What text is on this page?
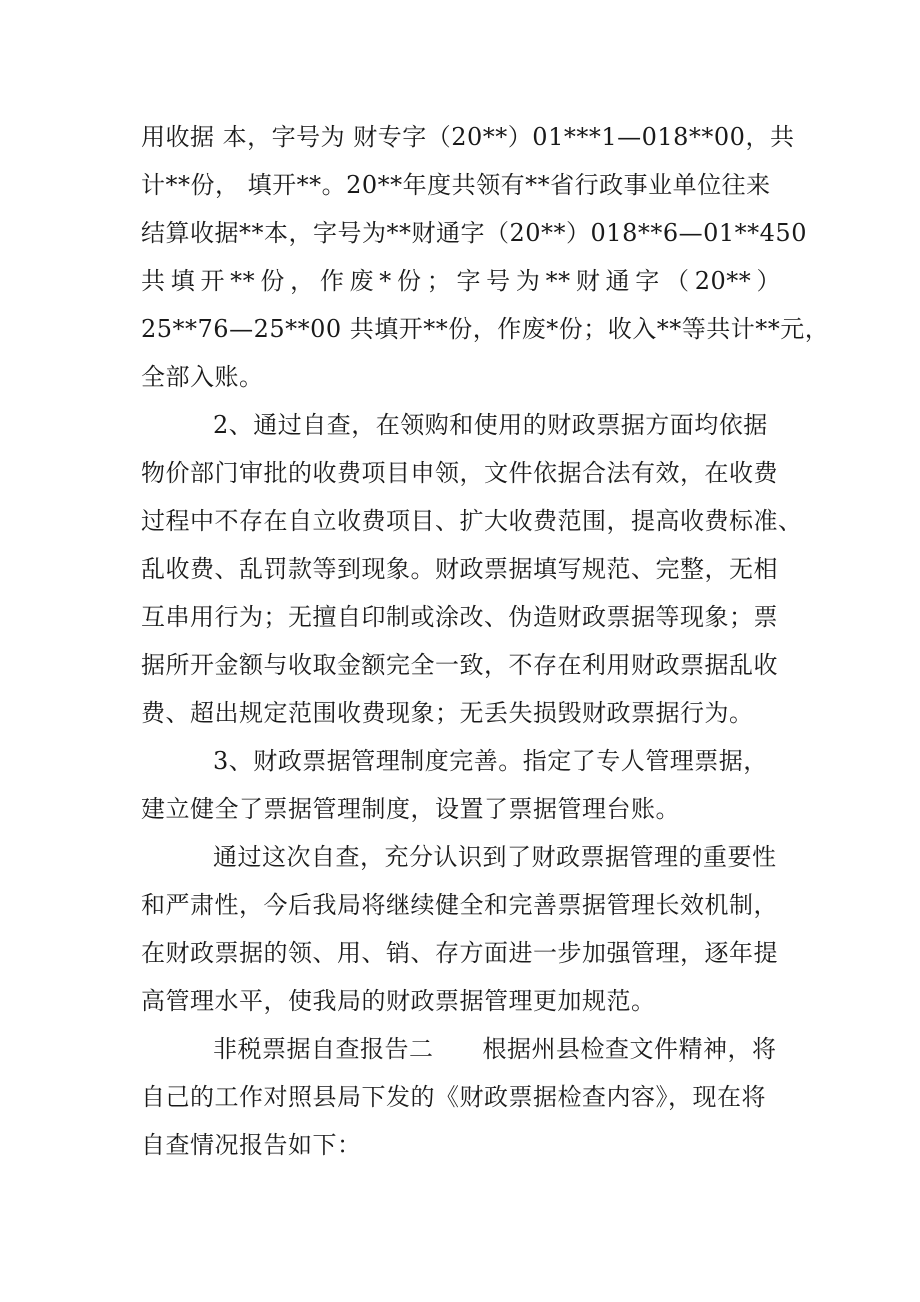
用收据 本，字号为 财专字（20**）01***1—018**00，共
计**份， 填开**。20**年度共领有**省行政事业单位往来
结算收据**本，字号为**财通字（20**）018**6—01**450
共填开**份，作废*份；字号为**财通字（20**）
25**76—25**00 共填开**份，作废*份；收入**等共计**元，
全部入账。
2、通过自查，在领购和使用的财政票据方面均依据
物价部门审批的收费项目申领，文件依据合法有效，在收费
过程中不存在自立收费项目、扩大收费范围，提高收费标准、
乱收费、乱罚款等到现象。财政票据填写规范、完整，无相
互串用行为；无擅自印制或涂改、伪造财政票据等现象；票
据所开金额与收取金额完全一致，不存在利用财政票据乱收
费、超出规定范围收费现象；无丢失损毁财政票据行为。
3、财政票据管理制度完善。指定了专人管理票据，
建立健全了票据管理制度，设置了票据管理台账。
通过这次自查，充分认识到了财政票据管理的重要性
和严肃性，今后我局将继续健全和完善票据管理长效机制，
在财政票据的领、用、销、存方面进一步加强管理，逐年提
高管理水平，使我局的财政票据管理更加规范。
非税票据自查报告二　　根据州县检查文件精神，将
自己的工作对照县局下发的《财政票据检查内容》，现在将
自查情况报告如下：
